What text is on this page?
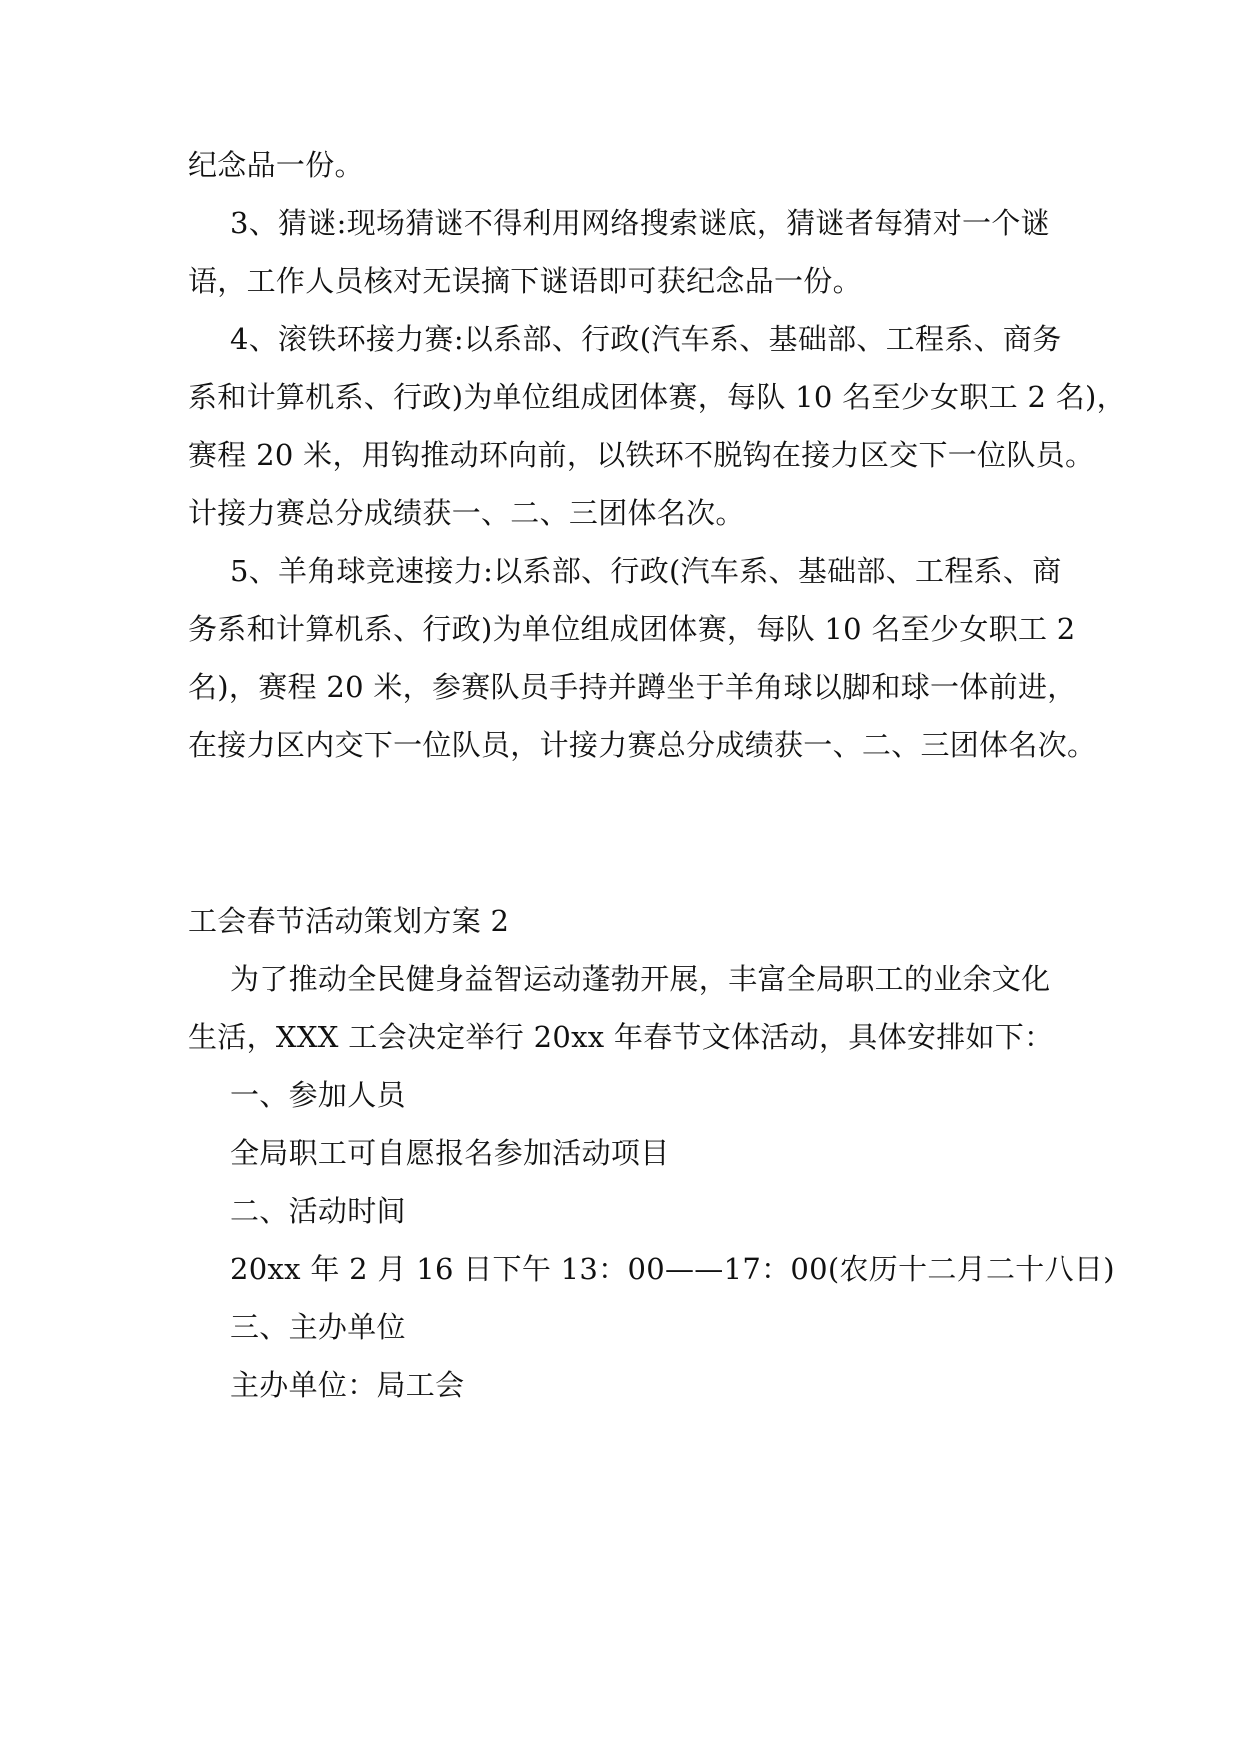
纪念品一份。
3、猜谜:现场猜谜不得利用网络搜索谜底，猜谜者每猜对一个谜
语，工作人员核对无误摘下谜语即可获纪念品一份。
4、滚铁环接力赛:以系部、行政(汽车系、基础部、工程系、商务
系和计算机系、行政)为单位组成团体赛，每队 10 名至少女职工 2 名)，
赛程 20 米，用钩推动环向前，以铁环不脱钩在接力区交下一位队员。
计接力赛总分成绩获一、二、三团体名次。
5、羊角球竞速接力:以系部、行政(汽车系、基础部、工程系、商
务系和计算机系、行政)为单位组成团体赛，每队 10 名至少女职工 2
名)，赛程 20 米，参赛队员手持并蹲坐于羊角球以脚和球一体前进，
在接力区内交下一位队员，计接力赛总分成绩获一、二、三团体名次。
工会春节活动策划方案 2
为了推动全民健身益智运动蓬勃开展，丰富全局职工的业余文化
生活，XXX 工会决定举行 20xx 年春节文体活动，具体安排如下：
一、参加人员
全局职工可自愿报名参加活动项目
二、活动时间
20xx 年 2 月 16 日下午 13：00——17：00(农历十二月二十八日)
三、主办单位
主办单位：局工会
